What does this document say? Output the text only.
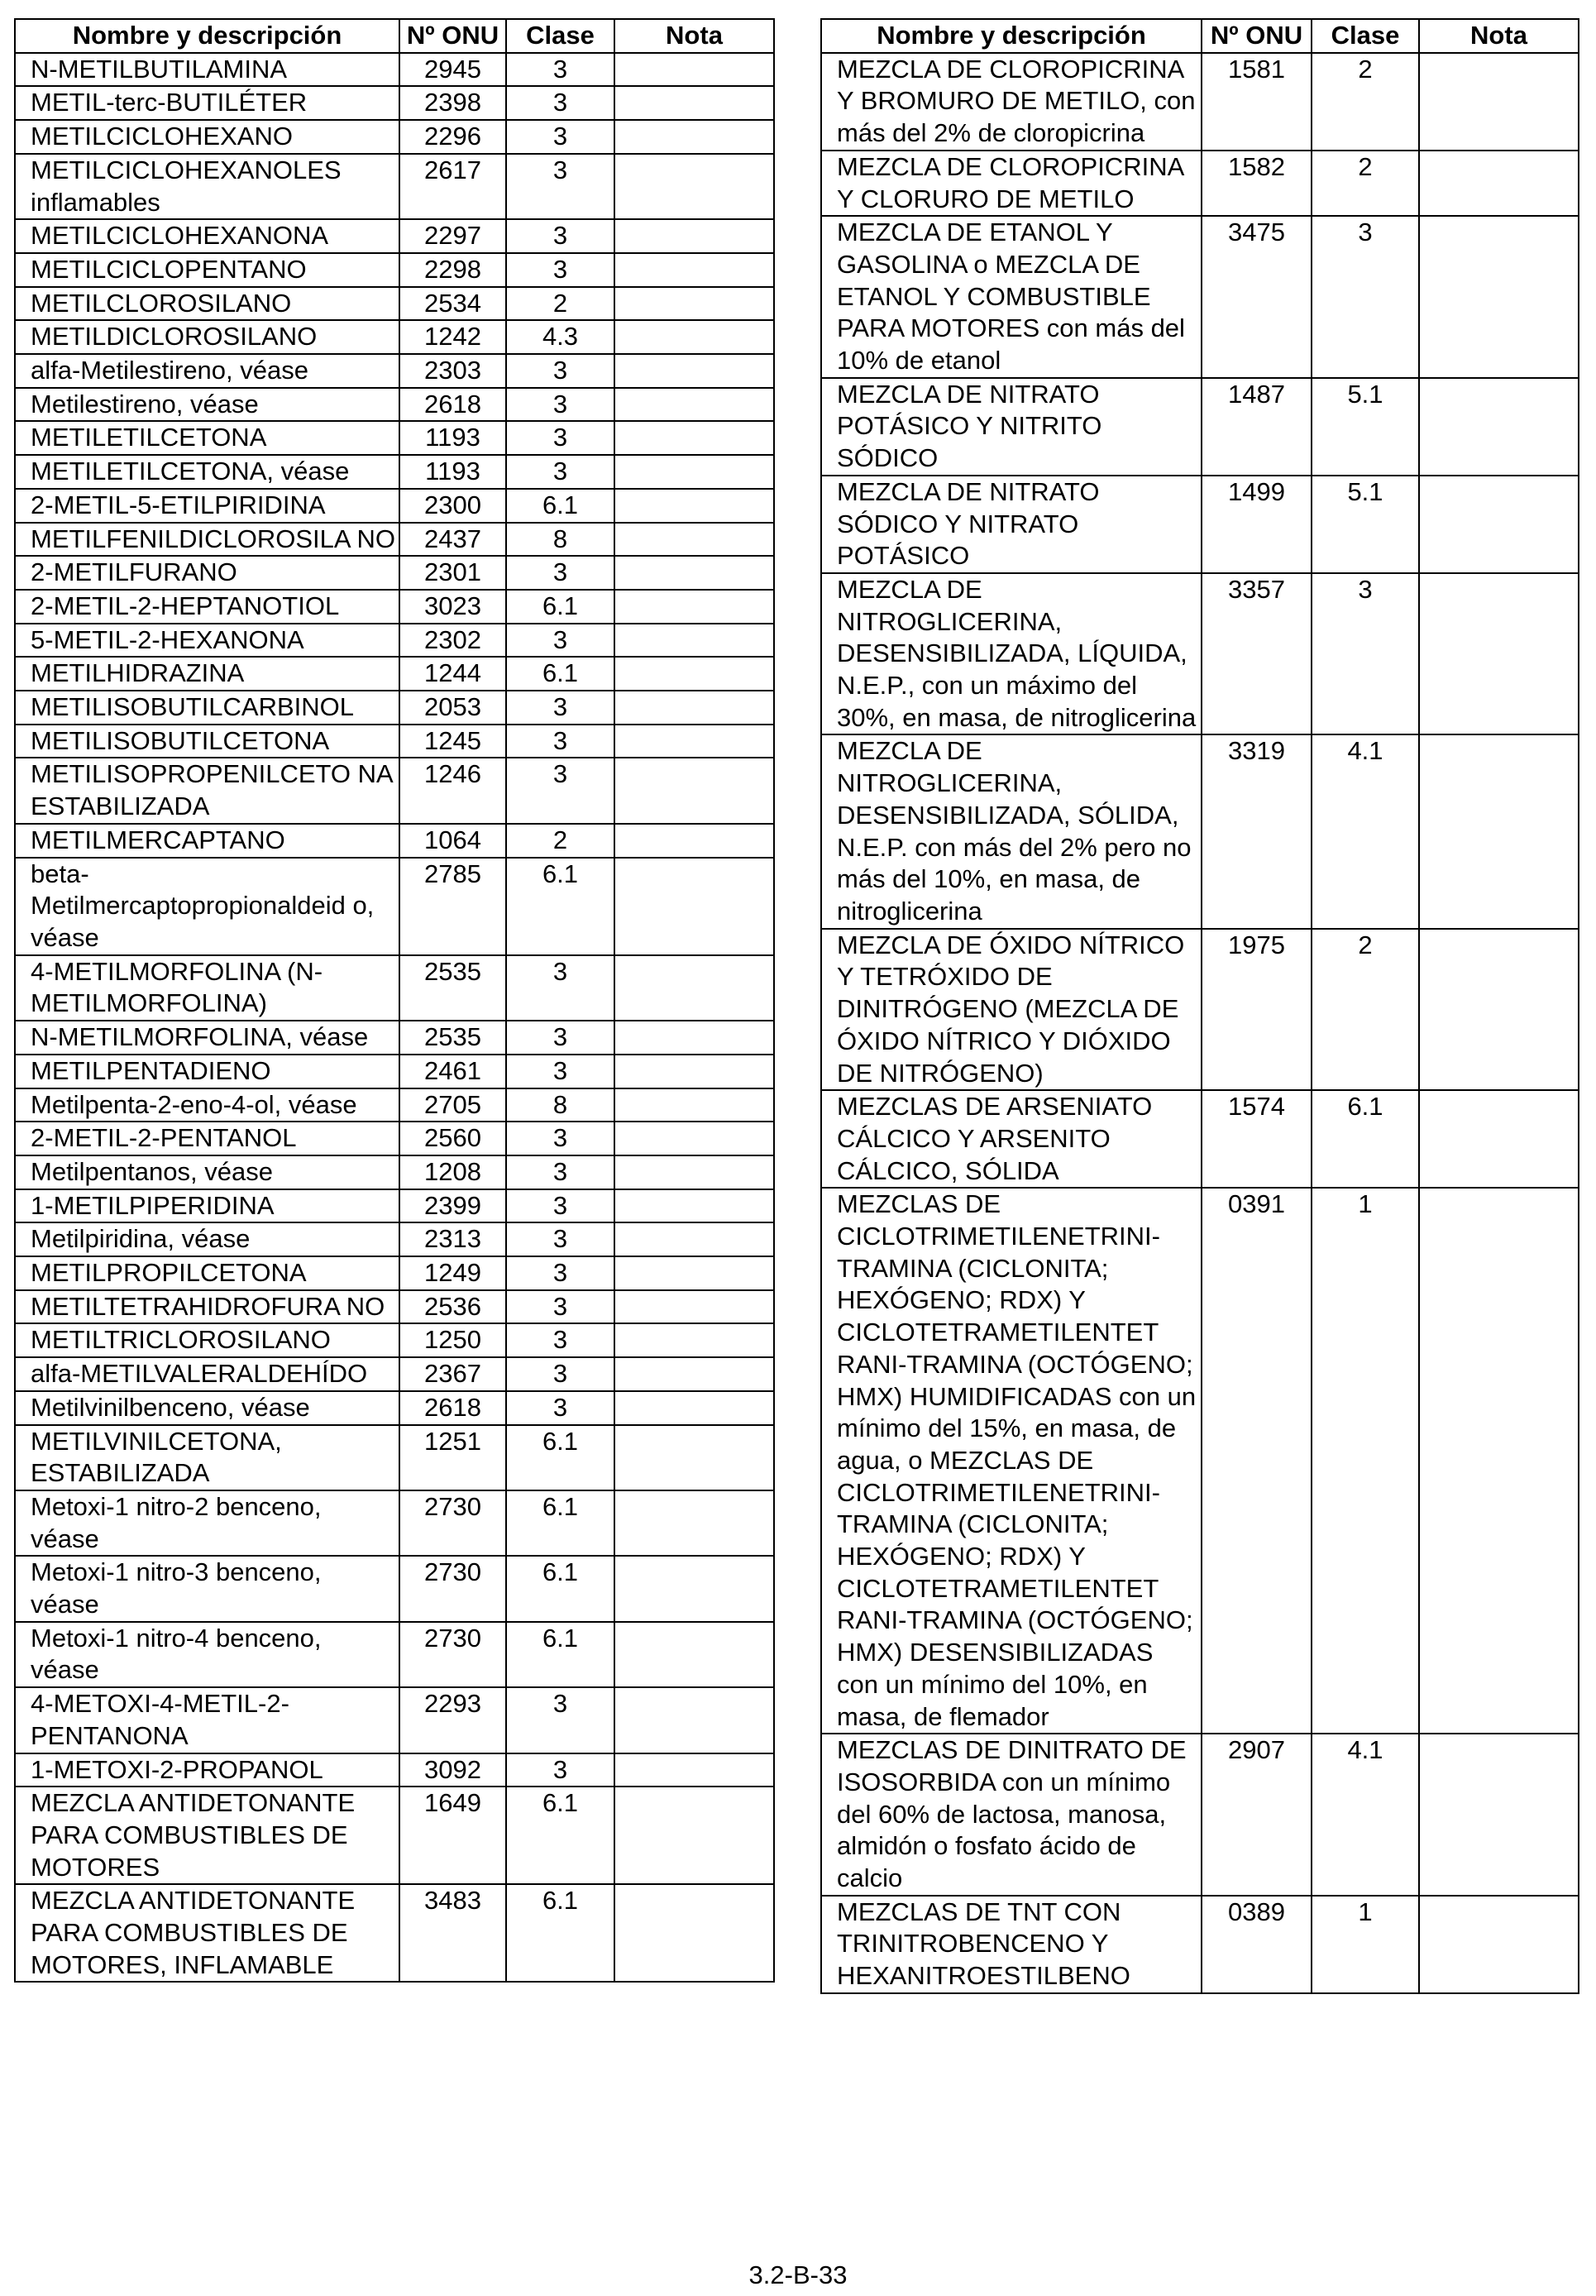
Nombre y descripción	Nº ONU	Clase	Nota
N-METILBUTILAMINA	2945	3	
METIL-terc-BUTILÉTER	2398	3	
METILCICLOHEXANO	2296	3	
METILCICLOHEXANOLES inflamables	2617	3	
METILCICLOHEXANONA	2297	3	
METILCICLOPENTANO	2298	3	
METILCLOROSILANO	2534	2	
METILDICLOROSILANO	1242	4.3	
alfa-Metilestireno, véase	2303	3	
Metilestireno, véase	2618	3	
METILETILCETONA	1193	3	
METILETILCETONA, véase	1193	3	
2-METIL-5-ETILPIRIDINA	2300	6.1	
METILFENILDICLOROSILA NO	2437	8	
2-METILFURANO	2301	3	
2-METIL-2-HEPTANOTIOL	3023	6.1	
5-METIL-2-HEXANONA	2302	3	
METILHIDRAZINA	1244	6.1	
METILISOBUTILCARBINOL	2053	3	
METILISOBUTILCETONA	1245	3	
METILISOPROPENILCETO NA ESTABILIZADA	1246	3	
METILMERCAPTANO	1064	2	
beta-Metilmercaptopropionaldeid o, véase	2785	6.1	
4-METILMORFOLINA (N-METILMORFOLINA)	2535	3	
N-METILMORFOLINA, véase	2535	3	
METILPENTADIENO	2461	3	
Metilpenta-2-eno-4-ol, véase	2705	8	
2-METIL-2-PENTANOL	2560	3	
Metilpentanos, véase	1208	3	
1-METILPIPERIDINA	2399	3	
Metilpiridina, véase	2313	3	
METILPROPILCETONA	1249	3	
METILTETRAHIDROFURA NO	2536	3	
METILTRICLOROSILANO	1250	3	
alfa-METILVALERALDEHÍDO	2367	3	
Metilvinilbenceno, véase	2618	3	
METILVINILCETONA, ESTABILIZADA	1251	6.1	
Metoxi-1 nitro-2 benceno, véase	2730	6.1	
Metoxi-1 nitro-3 benceno, véase	2730	6.1	
Metoxi-1 nitro-4 benceno, véase	2730	6.1	
4-METOXI-4-METIL-2-PENTANONA	2293	3	
1-METOXI-2-PROPANOL	3092	3	
MEZCLA ANTIDETONANTE PARA COMBUSTIBLES DE MOTORES	1649	6.1	
MEZCLA ANTIDETONANTE PARA COMBUSTIBLES DE MOTORES, INFLAMABLE	3483	6.1	
Nombre y descripción	Nº ONU	Clase	Nota
MEZCLA DE CLOROPICRINA Y BROMURO DE METILO, con más del 2% de cloropicrina	1581	2	
MEZCLA DE CLOROPICRINA Y CLORURO DE METILO	1582	2	
MEZCLA DE ETANOL Y GASOLINA o MEZCLA DE ETANOL Y COMBUSTIBLE PARA MOTORES con más del 10% de etanol	3475	3	
MEZCLA DE NITRATO POTÁSICO Y NITRITO SÓDICO	1487	5.1	
MEZCLA DE NITRATO SÓDICO Y NITRATO POTÁSICO	1499	5.1	
MEZCLA DE NITROGLICERINA, DESENSIBILIZADA, LÍQUIDA, N.E.P., con un máximo del 30%, en masa, de nitroglicerina	3357	3	
MEZCLA DE NITROGLICERINA, DESENSIBILIZADA, SÓLIDA, N.E.P. con más del 2% pero no más del 10%, en masa, de nitroglicerina	3319	4.1	
MEZCLA DE ÓXIDO NÍTRICO Y TETRÓXIDO DE DINITRÓGENO (MEZCLA DE ÓXIDO NÍTRICO Y DIÓXIDO DE NITRÓGENO)	1975	2	
MEZCLAS DE ARSENIATO CÁLCICO Y ARSENITO CÁLCICO, SÓLIDA	1574	6.1	
MEZCLAS DE CICLOTRIMETILENETRINI-TRAMINA (CICLONITA; HEXÓGENO; RDX) Y CICLOTETRAMETILENTET RANI-TRAMINA (OCTÓGENO; HMX) HUMIDIFICADAS con un mínimo del 15%, en masa, de agua, o MEZCLAS DE CICLOTRIMETILENETRINI-TRAMINA (CICLONITA; HEXÓGENO; RDX) Y CICLOTETRAMETILENTET RANI-TRAMINA (OCTÓGENO; HMX) DESENSIBILIZADAS con un mínimo del 10%, en masa, de flemador	0391	1	
MEZCLAS DE DINITRATO DE ISOSORBIDA con un mínimo del 60% de lactosa, manosa, almidón o fosfato ácido de calcio	2907	4.1	
MEZCLAS DE TNT CON TRINITROBENCENO Y HEXANITROESTILBENO	0389	1	
3.2-B-33
